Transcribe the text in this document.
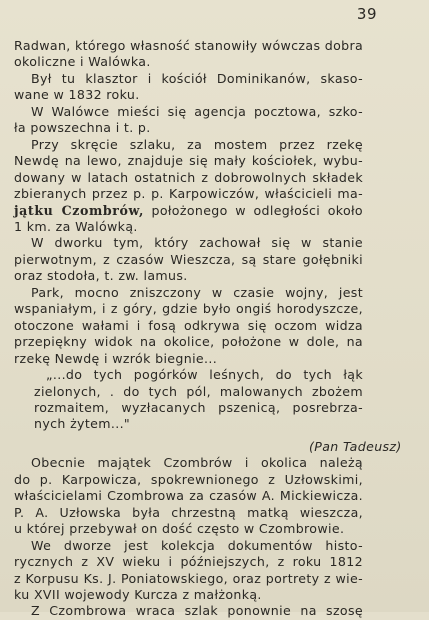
39
Radwan, którego własność stanowiły wówczas dobra
okoliczne i Walówka.
Był tu klasztor i kościół Dominikanów, skaso-
wane w 1832 roku.
W Walówce mieści się agencja pocztowa, szko-
ła powszechna i t. p.
Przy skręcie szlaku, za mostem przez rzekę
Newdę na lewo, znajduje się mały kościołek, wybu-
dowany w latach ostatnich z dobrowolnych składek
zbieranych przez p. p. Karpowiczów, właścicieli ma-
jątku Czombrów, położonego w odległości około
1 km. za Walówką.
W dworku tym, który zachował się w stanie
pierwotnym, z czasów Wieszcza, są stare gołębniki
oraz stodoła, t. zw. lamus.
Park, mocno zniszczony w czasie wojny, jest
wspaniałym, i z góry, gdzie było ongiś horodyszcze,
otoczone wałami i fosą odkrywa się oczom widza
przepiękny widok na okolice, położone w dole, na
rzekę Newdę i wzrók biegnie...
„...do tych pogórków leśnych, do tych łąk
zielonych, . do tych pól, malowanych zbożem
rozmaitem, wyzłacanych pszenicą, posrebrza-
nych żytem..."
(Pan Tadeusz)
Obecnie majątek Czombrów i okolica należą
do p. Karpowicza, spokrewnionego z Uzłowskimi,
właścicielami Czombrowa za czasów A. Mickiewicza.
P. A. Uzłowska była chrzestną matką wieszcza,
u której przebywał on dość często w Czombrowie.
We dworze jest kolekcja dokumentów histo-
rycznych z XV wieku i późniejszych, z roku 1812
z Korpusu Ks. J. Poniatowskiego, oraz portrety z wie-
ku XVII wojewody Kurcza z małżonką.
Z Czombrowa wraca szlak ponownie na szosę
